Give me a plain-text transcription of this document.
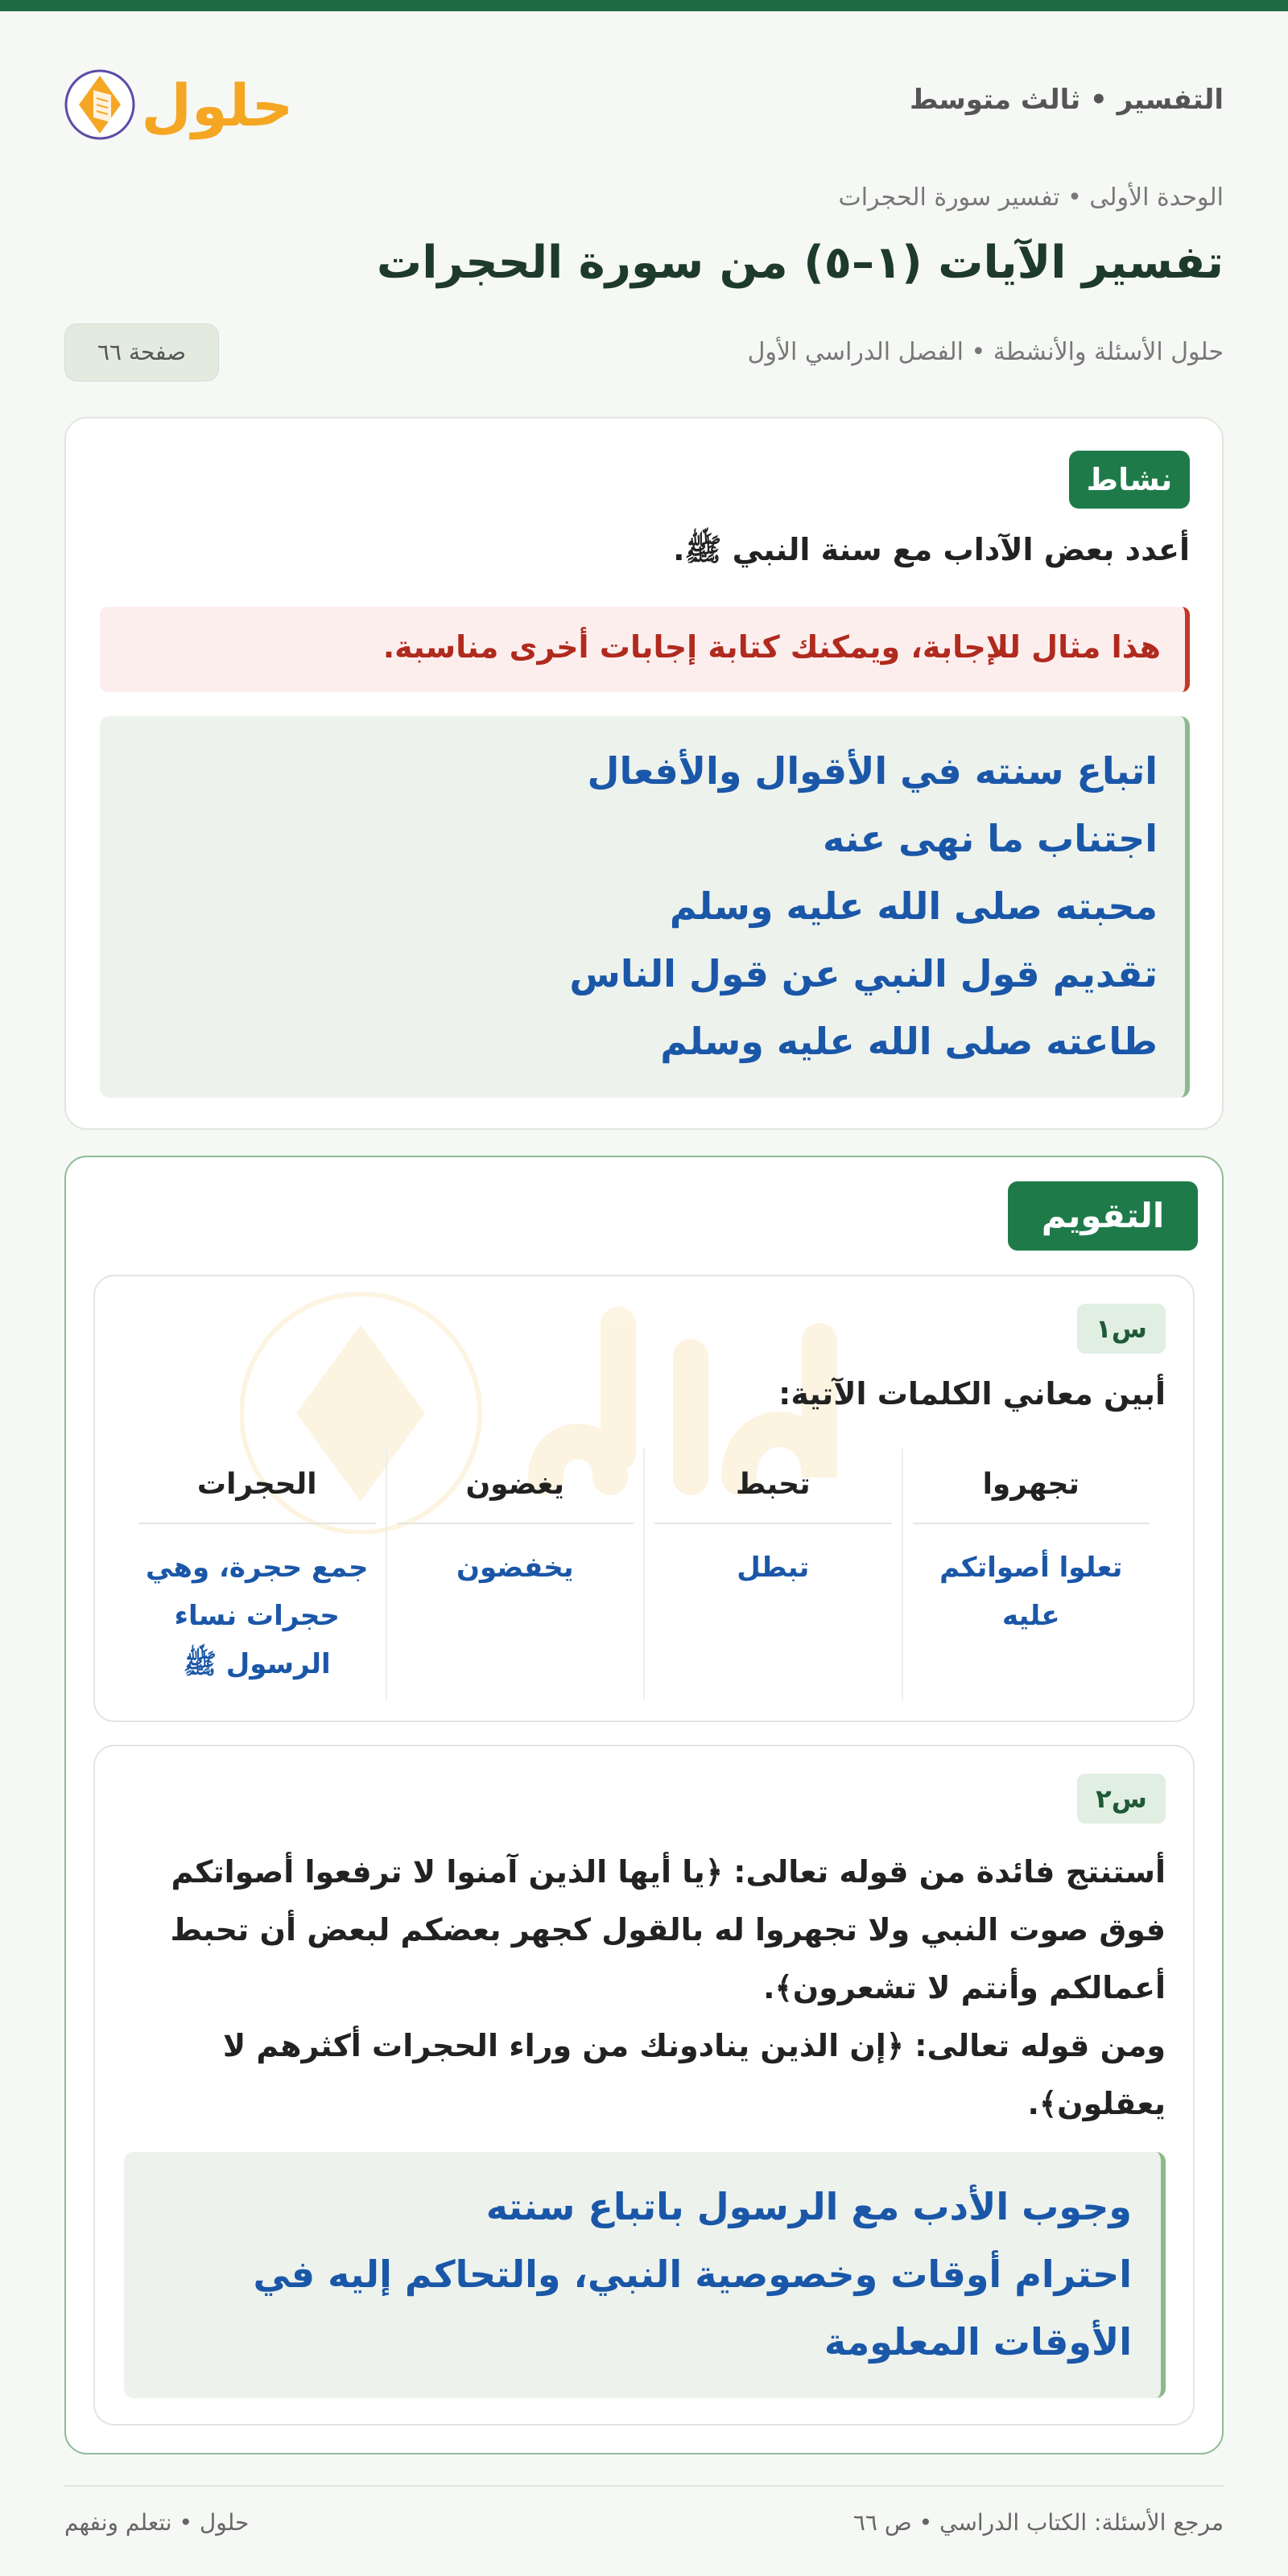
التفسير • ثالث متوسط
حلول
الوحدة الأولى • تفسير سورة الحجرات
تفسير الآيات (١–٥) من سورة الحجرات
حلول الأسئلة والأنشطة • الفصل الدراسي الأول
صفحة ٦٦
نشاط
أعدد بعض الآداب مع سنة النبي ﷺ.
هذا مثال للإجابة، ويمكنك كتابة إجابات أخرى مناسبة.
اتباع سنته في الأقوال والأفعال
اجتناب ما نهى عنه
محبته صلى الله عليه وسلم
تقديم قول النبي عن قول الناس
طاعته صلى الله عليه وسلم
التقويم
س١
أبين معاني الكلمات الآتية:
تجهروا
تعلوا أصواتكم عليه
تحبط
تبطل
يغضون
يخفضون
الحجرات
جمع حجرة، وهي حجرات نساء الرسول ﷺ
س٢
أستنتج فائدة من قوله تعالى: ﴿يا أيها الذين آمنوا لا ترفعوا أصواتكم فوق صوت النبي ولا تجهروا له بالقول كجهر بعضكم لبعض أن تحبط أعمالكم وأنتم لا تشعرون﴾.
ومن قوله تعالى: ﴿إن الذين ينادونك من وراء الحجرات أكثرهم لا يعقلون﴾.
وجوب الأدب مع الرسول باتباع سنته
احترام أوقات وخصوصية النبي، والتحاكم إليه في الأوقات المعلومة
مرجع الأسئلة: الكتاب الدراسي • ص ٦٦
حلول • نتعلم ونفهم
